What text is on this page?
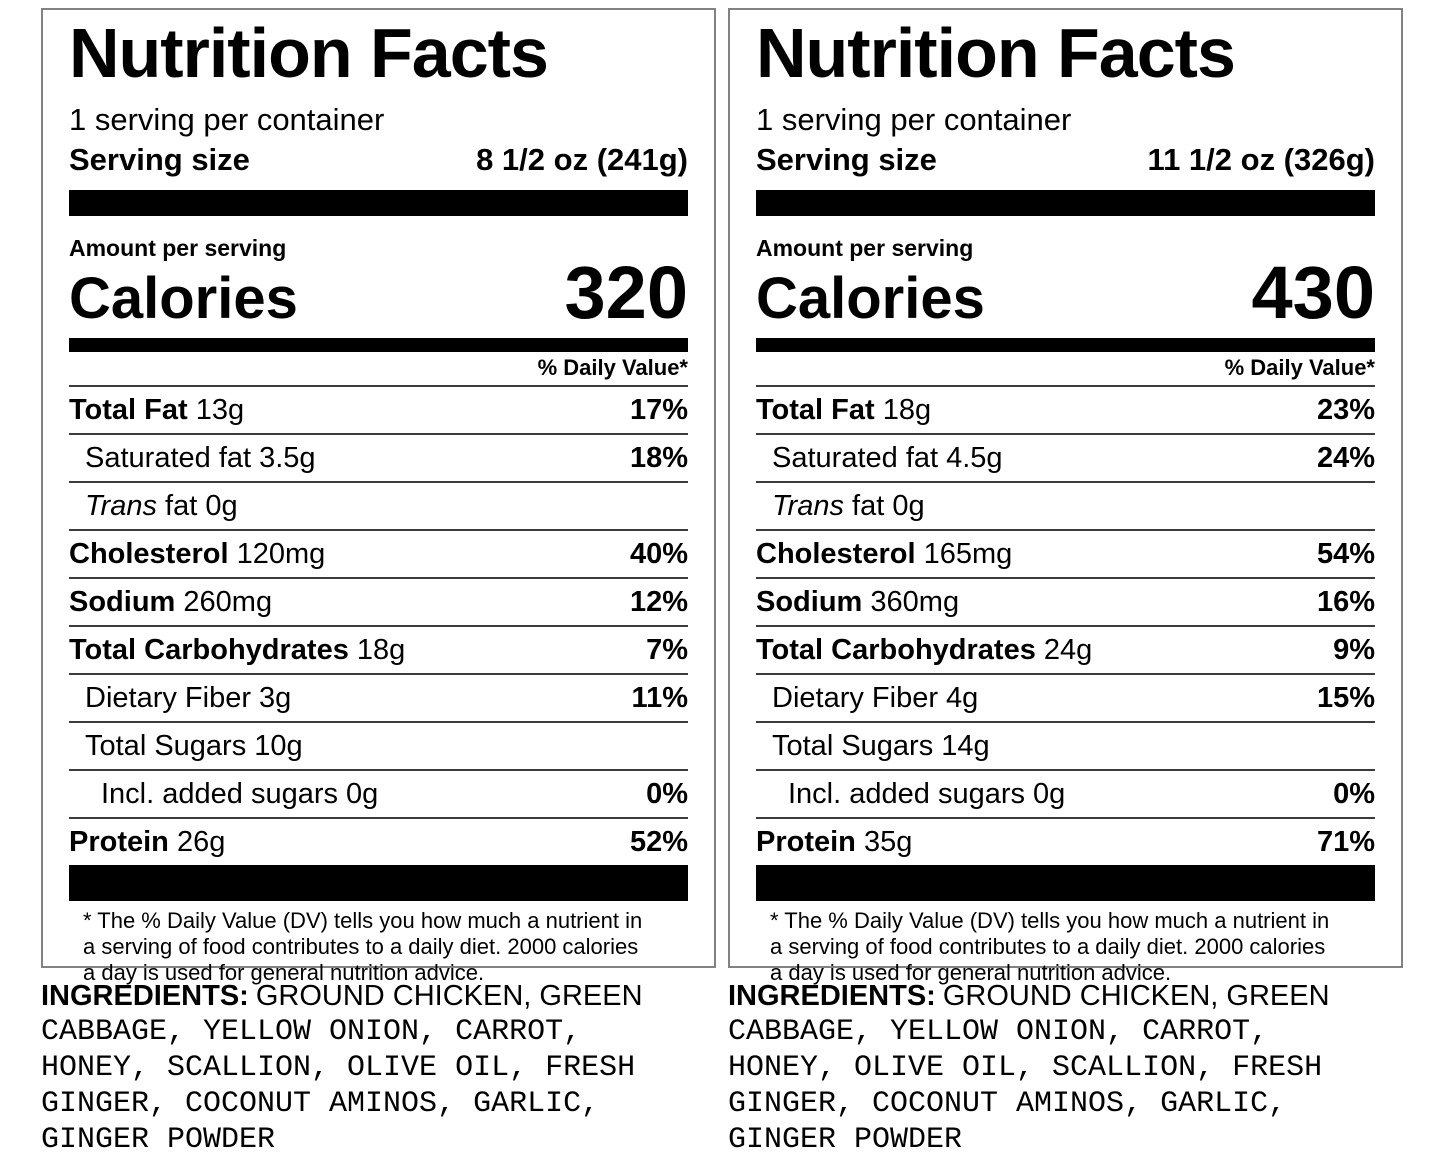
Nutrition Facts
1 serving per container
Serving size	8 1/2 oz (241g)
Amount per serving
Calories	320
% Daily Value*
Total Fat 13g	17%
Saturated fat 3.5g	18%
Trans fat 0g
Cholesterol 120mg	40%
Sodium 260mg	12%
Total Carbohydrates 18g	7%
Dietary Fiber 3g	11%
Total Sugars 10g
Incl. added sugars 0g	0%
Protein 26g	52%
* The % Daily Value (DV) tells you how much a nutrient in
a serving of food contributes to a daily diet. 2000 calories
a day is used for general nutrition advice.
INGREDIENTS: GROUND CHICKEN, GREEN
CABBAGE, YELLOW ONION, CARROT,
HONEY, SCALLION, OLIVE OIL, FRESH
GINGER, COCONUT AMINOS, GARLIC,
GINGER POWDER
Nutrition Facts
1 serving per container
Serving size	11 1/2 oz (326g)
Amount per serving
Calories	430
% Daily Value*
Total Fat 18g	23%
Saturated fat 4.5g	24%
Trans fat 0g
Cholesterol 165mg	54%
Sodium 360mg	16%
Total Carbohydrates 24g	9%
Dietary Fiber 4g	15%
Total Sugars 14g
Incl. added sugars 0g	0%
Protein 35g	71%
* The % Daily Value (DV) tells you how much a nutrient in
a serving of food contributes to a daily diet. 2000 calories
a day is used for general nutrition advice.
INGREDIENTS: GROUND CHICKEN, GREEN
CABBAGE, YELLOW ONION, CARROT,
HONEY, OLIVE OIL, SCALLION, FRESH
GINGER, COCONUT AMINOS, GARLIC,
GINGER POWDER
